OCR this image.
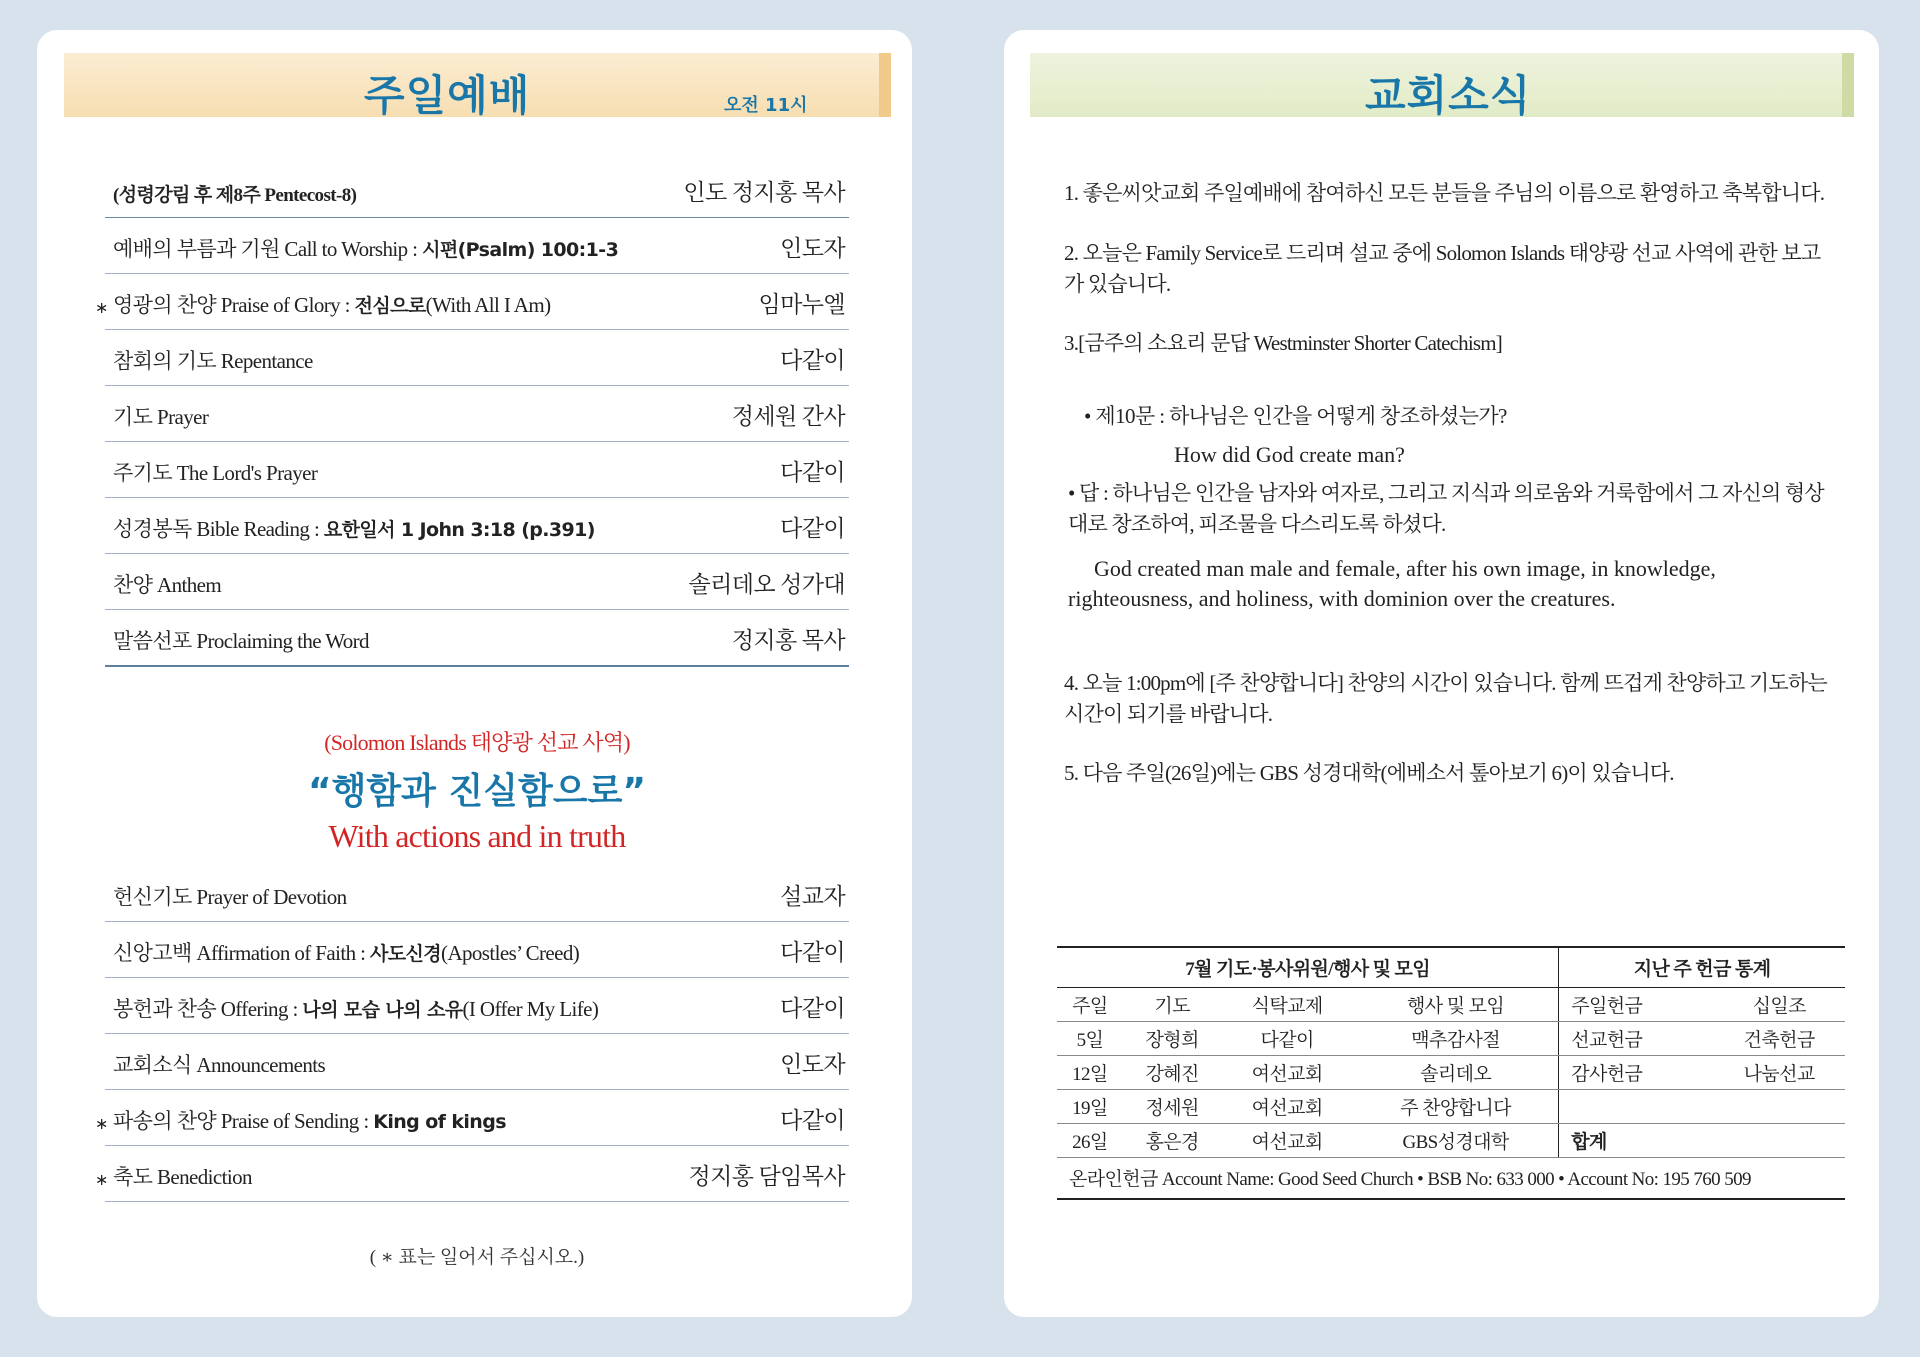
주일예배	오전 11시
(성령강림 후 제8주 Pentecost-8)	인도 정지홍 목사
예배의 부름과 기원 Call to Worship : 시편(Psalm) 100:1-3	인도자
∗ 영광의 찬양 Praise of Glory : 전심으로(With All I Am)	임마누엘
참회의 기도 Repentance	다같이
기도 Prayer	정세원 간사
주기도 The Lord's Prayer	다같이
성경봉독 Bible Reading : 요한일서 1 John 3:18 (p.391)	다같이
찬양 Anthem	솔리데오 성가대
말씀선포 Proclaiming the Word	정지홍 목사
(Solomon Islands 태양광 선교 사역)
“행함과 진실함으로”
With actions and in truth
헌신기도 Prayer of Devotion	설교자
신앙고백 Affirmation of Faith : 사도신경(Apostles’ Creed)	다같이
봉헌과 찬송 Offering : 나의 모습 나의 소유(I Offer My Life)	다같이
교회소식 Announcements	인도자
∗ 파송의 찬양 Praise of Sending : King of kings	다같이
∗ 축도 Benediction	정지홍 담임목사
( ∗ 표는 일어서 주십시오.)
교회소식
1. 좋은씨앗교회 주일예배에 참여하신 모든 분들을 주님의 이름으로 환영하고 축복합니다.
2. 오늘은 Family Service로 드리며 설교 중에 Solomon Islands 태양광 선교 사역에 관한 보고가 있습니다.
3.[금주의 소요리 문답 Westminster Shorter Catechism]
• 제10문 : 하나님은 인간을 어떻게 창조하셨는가?
How did God create man?
• 답 : 하나님은 인간을 남자와 여자로, 그리고 지식과 의로움와 거룩함에서 그 자신의 형상대로 창조하여, 피조물을 다스리도록 하셨다.
God created man male and female, after his own image, in knowledge, righteousness, and holiness, with dominion over the creatures.
4. 오늘 1:00pm에 [주 찬양합니다] 찬양의 시간이 있습니다. 함께 뜨겁게 찬양하고 기도하는 시간이 되기를 바랍니다.
5. 다음 주일(26일)에는 GBS 성경대학(에베소서 톺아보기 6)이 있습니다.
7월 기도·봉사위원/행사 및 모임				지난 주 헌금 통계	
주일	기도	식탁교제	행사 및 모임	주일헌금	십일조
5일	장형희	다같이	맥추감사절	선교헌금	건축헌금
12일	강혜진	여선교회	솔리데오	감사헌금	나눔선교
19일	정세원	여선교회	주 찬양합니다		
26일	홍은경	여선교회	GBS성경대학	합계	
온라인헌금 Account Name: Good Seed Church • BSB No: 633 000 • Account No: 195 760 509					
